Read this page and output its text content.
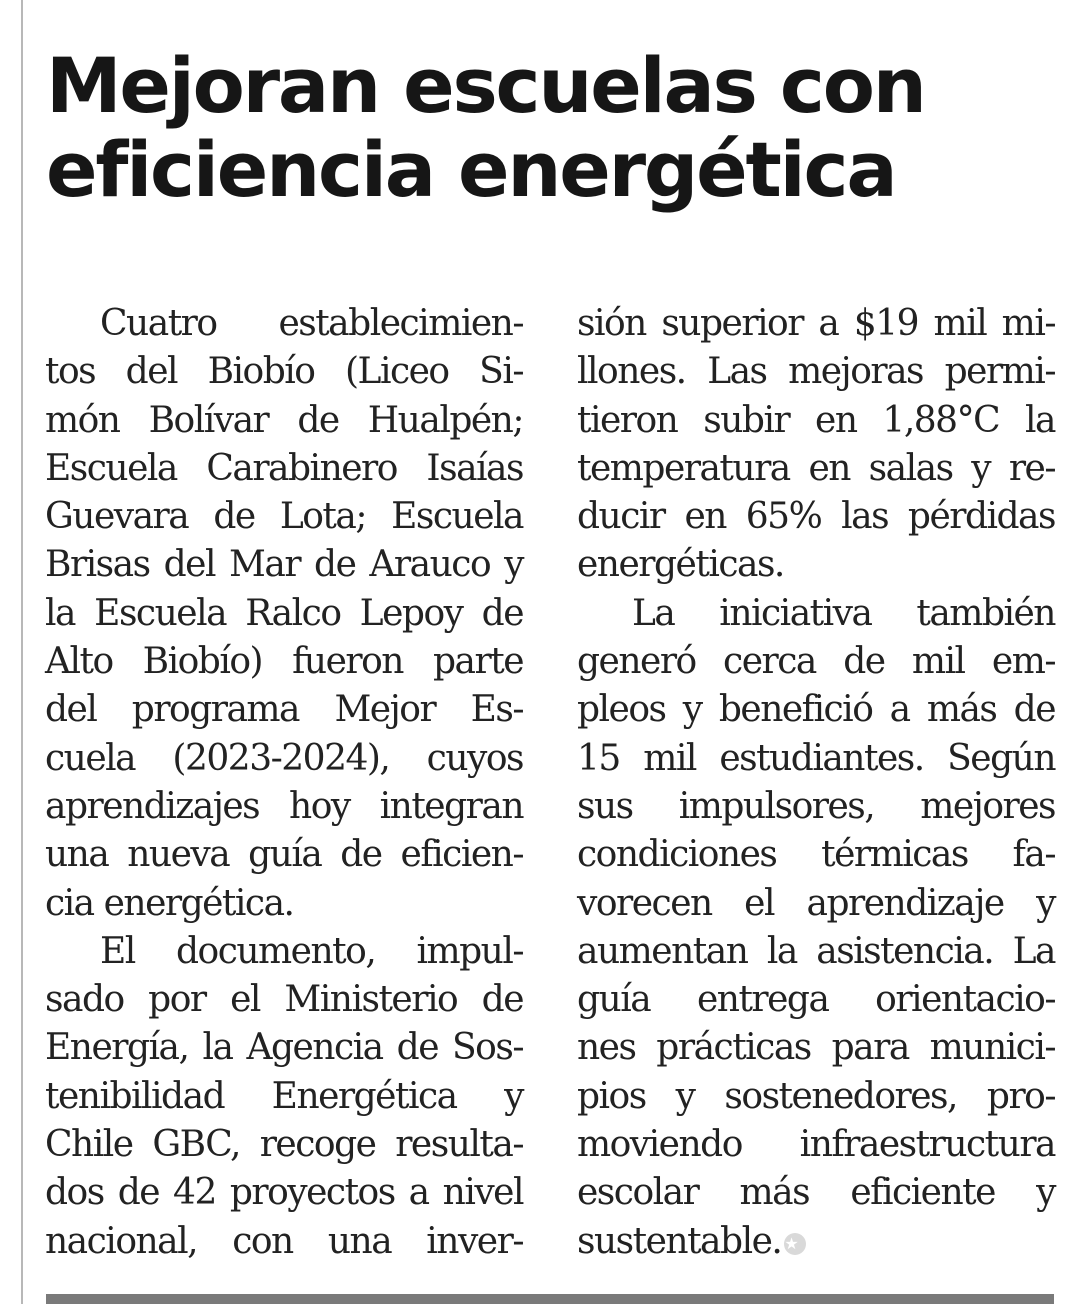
Mejoran escuelas con
eficiencia energética
Cuatro establecimien-
tos del Biobío (Liceo Si-
món Bolívar de Hualpén;
Escuela Carabinero Isaías
Guevara de Lota; Escuela
Brisas del Mar de Arauco y
la Escuela Ralco Lepoy de
Alto Biobío) fueron parte
del programa Mejor Es-
cuela (2023-2024), cuyos
aprendizajes hoy integran
una nueva guía de eficien-
cia energética.
El documento, impul-
sado por el Ministerio de
Energía, la Agencia de Sos-
tenibilidad Energética y
Chile GBC, recoge resulta-
dos de 42 proyectos a nivel
nacional, con una inver-
sión superior a $19 mil mi-
llones. Las mejoras permi-
tieron subir en 1,88°C la
temperatura en salas y re-
ducir en 65% las pérdidas
energéticas.
La iniciativa también
generó cerca de mil em-
pleos y benefició a más de
15 mil estudiantes. Según
sus impulsores, mejores
condiciones térmicas fa-
vorecen el aprendizaje y
aumentan la asistencia. La
guía entrega orientacio-
nes prácticas para munici-
pios y sostenedores, pro-
moviendo infraestructura
escolar más eficiente y
sustentable. ★
